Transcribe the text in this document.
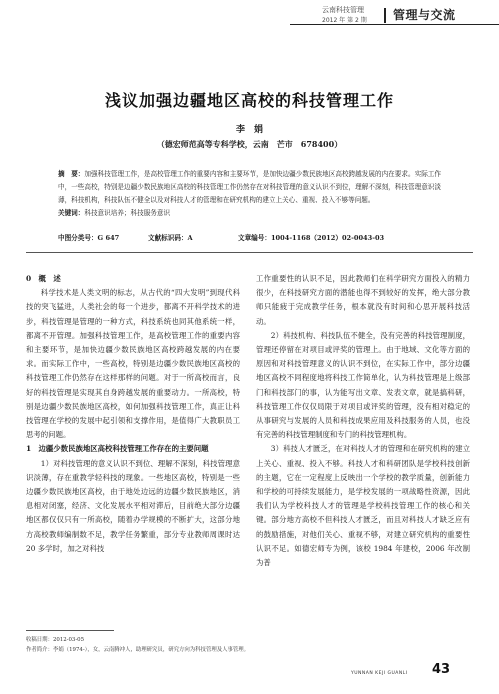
云南科技管理
2012 年 第 2 期 管理与交流
浅议加强边疆地区高校的科技管理工作
李　娟
（德宏师范高等专科学校，云南　芒市　678400）
摘　要：加强科技管理工作，是高校管理工作的重要内容和主要环节，是加快边疆少数民族地区高校跨越发展的内在要求。实际工作中，一些高校，特别是边疆少数民族地区高校的科技管理工作仍然存在对科技管理的意义认识不到位，理解不深刻，科技管理意识淡薄，科技机构，科技队伍不健全以及对科技人才的管理和在研究机构的建立上关心、重视、投入不够等问题。
关键词：科技意识培养；科技服务意识
中图分类号：G 647	文献标识码：A	文章编号：1004-1168（2012）02-0043-03
0　概　述

科学技术是人类文明的标志，从古代的“四大发明”到现代科技的突飞猛进，人类社会的每一个进步，都离不开科学技术的进步，科技管理是管理的一种方式，科技系统也同其他系统一样，都离不开管理。加强科技管理工作，是高校管理工作的重要内容和主要环节，是加快边疆少数民族地区高校跨越发展的内在要求。而实际工作中，一些高校，特别是边疆少数民族地区高校的科技管理工作仍然存在这样那样的问题。对于一所高校而言，良好的科技管理是实现其自身跨越发展的重要动力。一所高校，特别是边疆少数民族地区高校，如何加强科技管理工作，真正让科技管理在学校的发展中起引领和支撑作用，是值得广大教职员工思考的问题。

1　边疆少数民族地区高校科技管理工作存在的主要问题

1）对科技管理的意义认识不到位、理解不深刻，科技管理意识淡薄，存在重教学轻科技的现象。一些地区高校，特别是一些边疆少数民族地区高校，由于地处边远的边疆少数民族地区，消息相对闭塞，经济、文化发展水平相对滞后，目前绝大部分边疆地区都仅仅只有一所高校，随着办学规模的不断扩大，这部分地方高校教师编制数不足，教学任务繁重，部分专业教师周课时达 20 多学时，加之对科技

工作重要性的认识不足，因此教师们在科学研究方面投入的精力很少，在科技研究方面的潜能也得不到较好的发挥，绝大部分教师只能疲于完成教学任务，根本就没有时间和心思开展科技活动。

2）科技机构、科技队伍不健全，没有完善的科技管理制度，管理还停留在对项目或评奖的管理上。由于地域、文化等方面的原因和对科技管理意义的认识不到位，在实际工作中，部分边疆地区高校不同程度地将科技工作简单化，认为科技管理是上级部门和科技部门的事，认为能写出文章、发表文章，就是搞科研，科技管理工作仅仅局限于对项目或评奖的管理，没有相对稳定的从事研究与发展的人员和科技成果应用及科技服务的人员，也没有完善的科技管理制度和专门的科技管理机构。

3）科技人才匮乏，在对科技人才的管理和在研究机构的建立上关心、重视、投入不够。科技人才和科研团队是学校科技创新的主题，它在一定程度上反映出一个学校的教学质量，创新能力和学校的可持续发展能力，是学校发展的一项战略性资源，因此我们认为学校科技人才的管理是学校科技管理工作的核心和关键。部分地方高校不但科技人才匮乏，而且对科技人才缺乏应有的鼓励措施，对他们关心、重视不够，对建立研究机构的重要性认识不足。如德宏师专为例，该校 1984 年建校，2006 年改制为普

收稿日期：2012-03-05
作者简介：李娟（1974-），女，云南腾冲人，助理研究员，研究方向为科技管理及人事管理。
YUNNAN KEJI GUANLI 43
